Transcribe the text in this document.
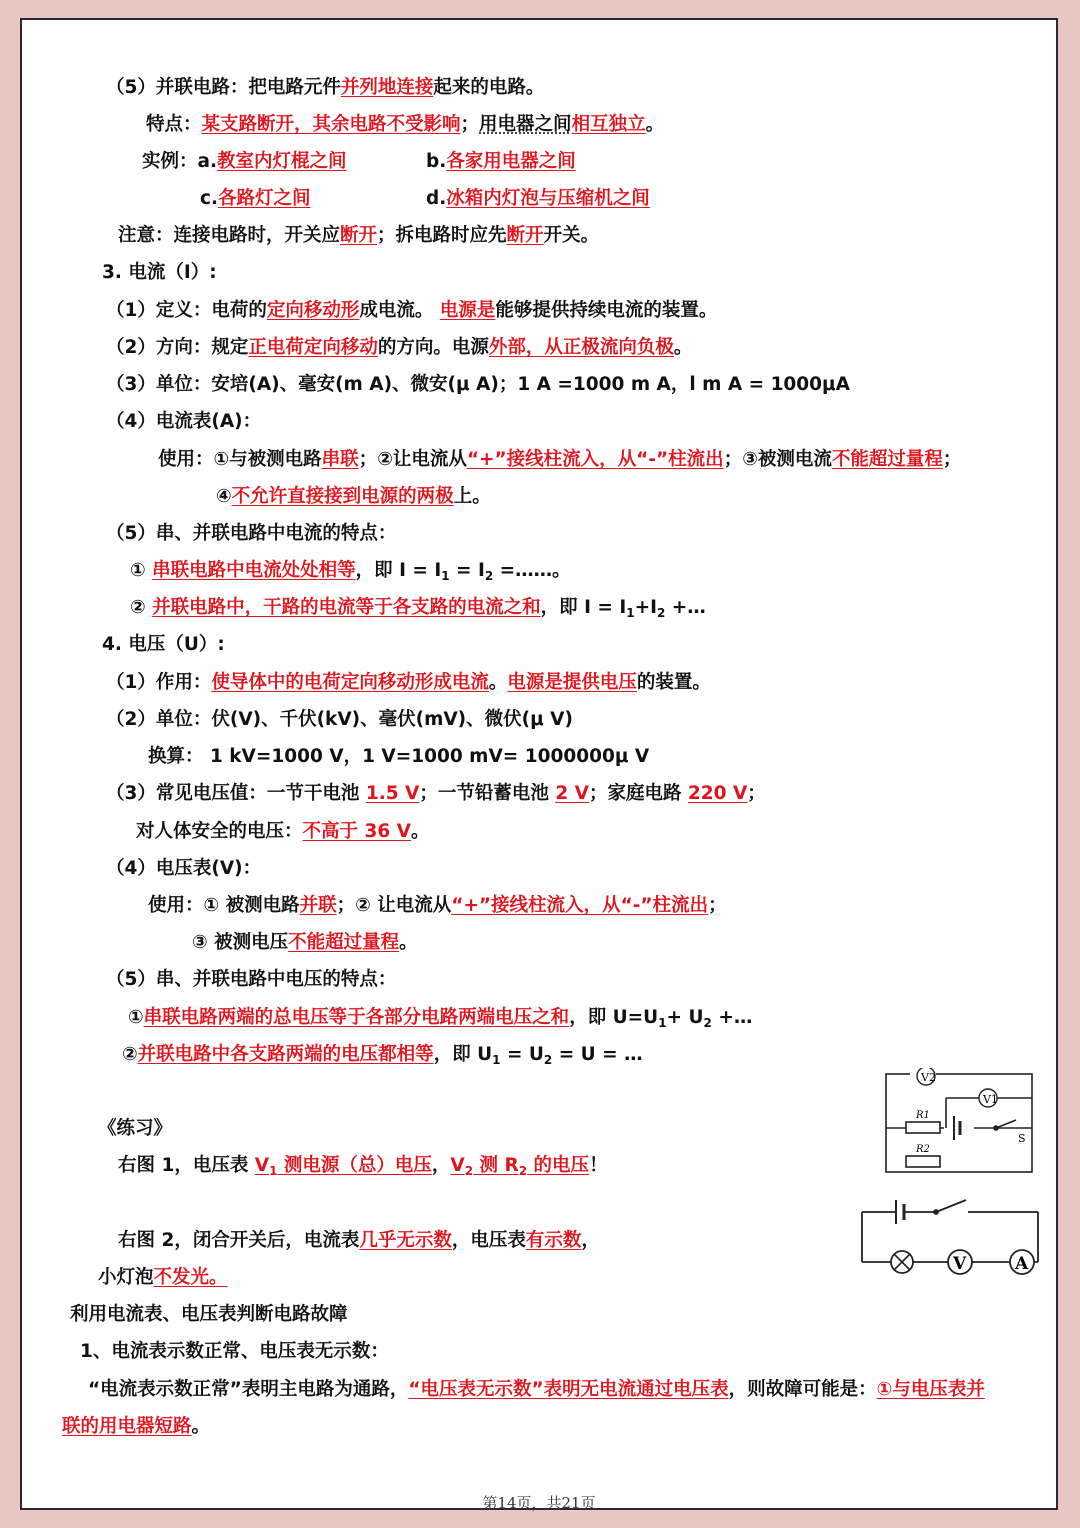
（5）并联电路：把电路元件并列地连接起来的电路。
特点：某支路断开，其余电路不受影响；用电器之间相互独立。
实例：a.教室内灯棍之间	b.各家用电器之间
c.各路灯之间	d.冰箱内灯泡与压缩机之间
注意：连接电路时，开关应断开；拆电路时应先断开开关。
3. 电流（I）:
（1）定义：电荷的定向移动形成电流。 电源是能够提供持续电流的装置。
（2）方向：规定正电荷定向移动的方向。电源外部，从正极流向负极。
（3）单位：安培(A)、毫安(m A)、微安(μ A)；1 A =1000 m A，l m A = 1000μA
（4）电流表(A)：
使用：①与被测电路串联；②让电流从“+”接线柱流入，从“-”柱流出；③被测电流不能超过量程；
④不允许直接接到电源的两极上。
（5）串、并联电路中电流的特点：
① 串联电路中电流处处相等，即 $I = I_1 = I_2$ =……。
② 并联电路中，干路的电流等于各支路的电流之和，即 $I = I_1+I_2$ +…
4. 电压（U）:
（1）作用：使导体中的电荷定向移动形成电流。电源是提供电压的装置。
（2）单位：伏(V)、千伏(kV)、毫伏(mV)、微伏(μ V)
换算： 1 kV=1000 V，1 V=1000 mV= 1000000μ V
（3）常见电压值：一节干电池 1.5 V；一节铅蓄电池 2 V；家庭电路 220 V；
对人体安全的电压：不高于 36 V。
（4）电压表(V)：
使用：① 被测电路并联；② 让电流从“+”接线柱流入，从“-”柱流出；
③ 被测电压不能超过量程。
（5）串、并联电路中电压的特点：
①串联电路两端的总电压等于各部分电路两端电压之和，即 $U=U_1+ U_2$ +…
②并联电路中各支路两端的电压都相等，即 $U_1 = U_2 = U$ = …
《练习》
右图 1，电压表 $V_1$ 测电源（总）电压，$V_2$ 测 $R_2$ 的电压！
右图 2，闭合开关后，电流表几乎无示数，电压表有示数，
小灯泡不发光。
利用电流表、电压表判断电路故障
1、电流表示数正常、电压表无示数：
“电流表示数正常”表明主电路为通路，“电压表无示数”表明无电流通过电压表，则故障可能是：①与电压表并
联的用电器短路。
V2
V1
R1
S
R2
V	A
第14页，共21页
